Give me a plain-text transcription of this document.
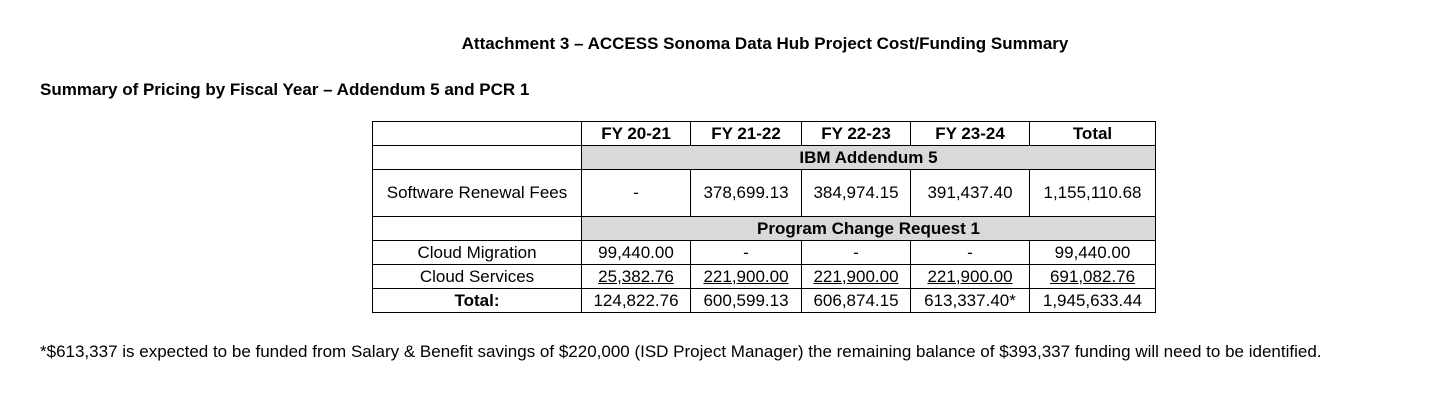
Attachment 3 – ACCESS Sonoma Data Hub Project Cost/Funding Summary
Summary of Pricing by Fiscal Year – Addendum 5 and PCR 1
	FY 20-21	FY 21-22	FY 22-23	FY 23-24	Total
	IBM Addendum 5				
Software Renewal Fees	-	378,699.13	384,974.15	391,437.40	1,155,110.68
	Program Change Request 1				
Cloud Migration	99,440.00	-	-	-	99,440.00
Cloud Services	25,382.76	221,900.00	221,900.00	221,900.00	691,082.76
Total:	124,822.76	600,599.13	606,874.15	613,337.40*	1,945,633.44
*$613,337 is expected to be funded from Salary & Benefit savings of $220,000 (ISD Project Manager) the remaining balance of $393,337 funding will need to be identified.
